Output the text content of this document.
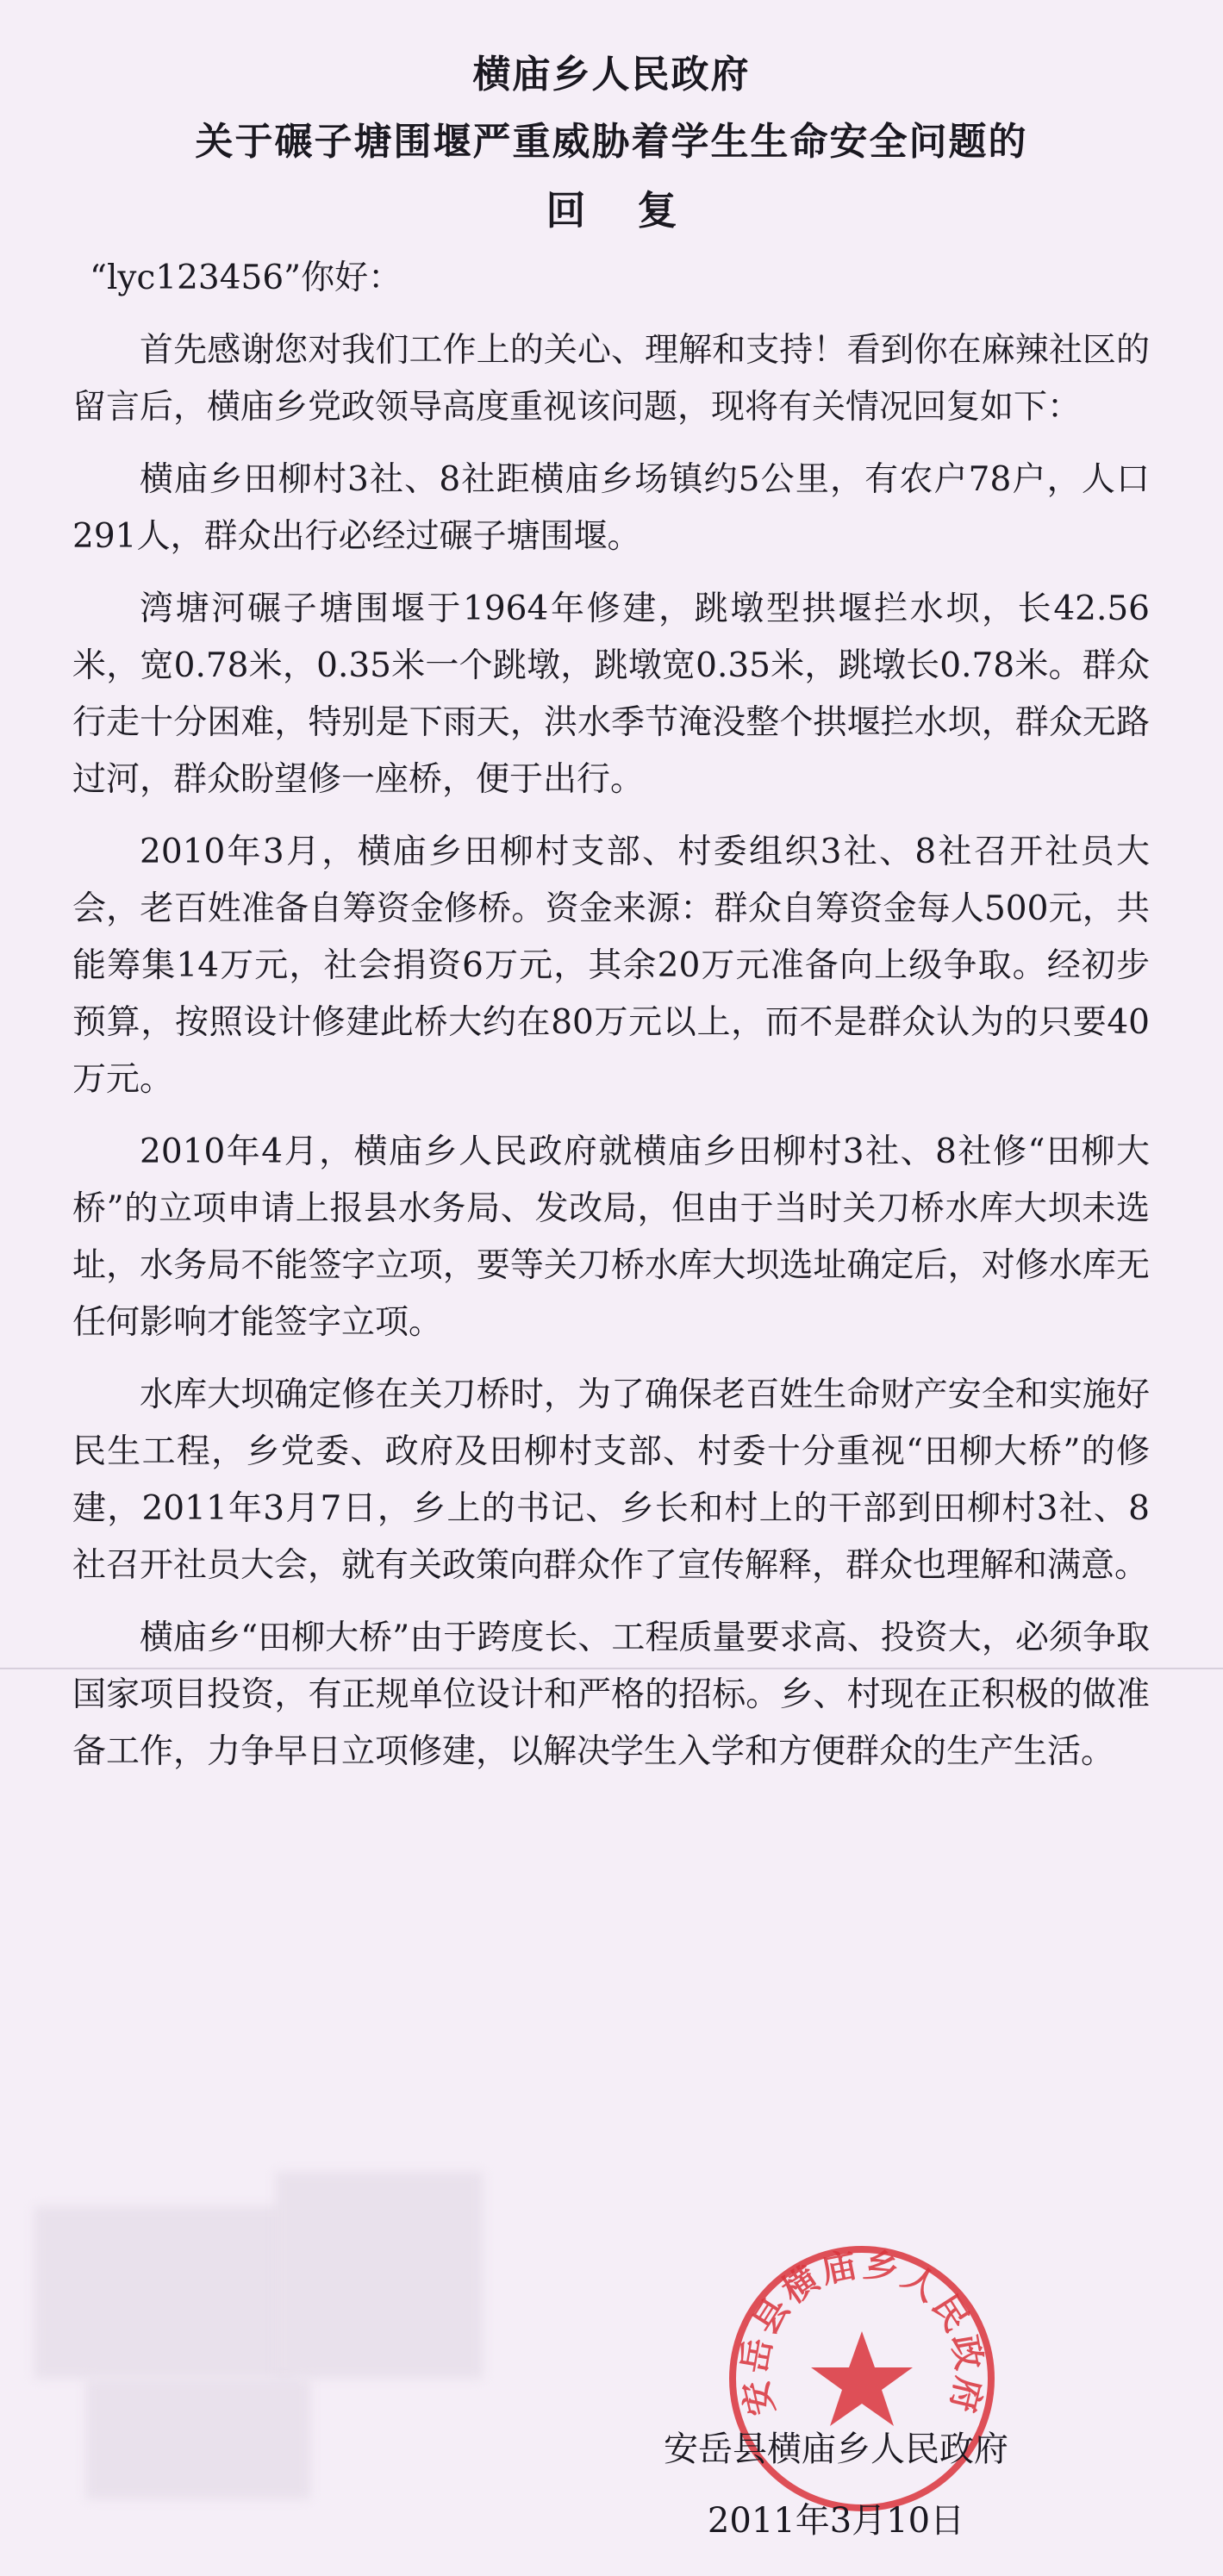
横庙乡人民政府
关于碾子塘围堰严重威胁着学生生命安全问题的
回复

“lyc123456”你好：

首先感谢您对我们工作上的关心、理解和支持！看到你在麻辣社区的留言后，横庙乡党政领导高度重视该问题，现将有关情况回复如下：

横庙乡田柳村3社、8社距横庙乡场镇约5公里，有农户78户，人口291人，群众出行必经过碾子塘围堰。

湾塘河碾子塘围堰于1964年修建，跳墩型拱堰拦水坝，长42.56米，宽0.78米，0.35米一个跳墩，跳墩宽0.35米，跳墩长0.78米。群众行走十分困难，特别是下雨天，洪水季节淹没整个拱堰拦水坝，群众无路过河，群众盼望修一座桥，便于出行。

2010年3月，横庙乡田柳村支部、村委组织3社、8社召开社员大会，老百姓准备自筹资金修桥。资金来源：群众自筹资金每人500元，共能筹集14万元，社会捐资6万元，其余20万元准备向上级争取。经初步预算，按照设计修建此桥大约在80万元以上，而不是群众认为的只要40万元。

2010年4月，横庙乡人民政府就横庙乡田柳村3社、8社修“田柳大桥”的立项申请上报县水务局、发改局，但由于当时关刀桥水库大坝未选址，水务局不能签字立项，要等关刀桥水库大坝选址确定后，对修水库无任何影响才能签字立项。

水库大坝确定修在关刀桥时，为了确保老百姓生命财产安全和实施好民生工程，乡党委、政府及田柳村支部、村委十分重视“田柳大桥”的修建，2011年3月7日，乡上的书记、乡长和村上的干部到田柳村3社、8社召开社员大会，就有关政策向群众作了宣传解释，群众也理解和满意。

横庙乡“田柳大桥”由于跨度长、工程质量要求高、投资大，必须争取国家项目投资，有正规单位设计和严格的招标。乡、村现在正积极的做准备工作，力争早日立项修建，以解决学生入学和方便群众的生产生活。

安岳县横庙乡人民政府
安岳县横庙乡人民政府
2011年3月10日
